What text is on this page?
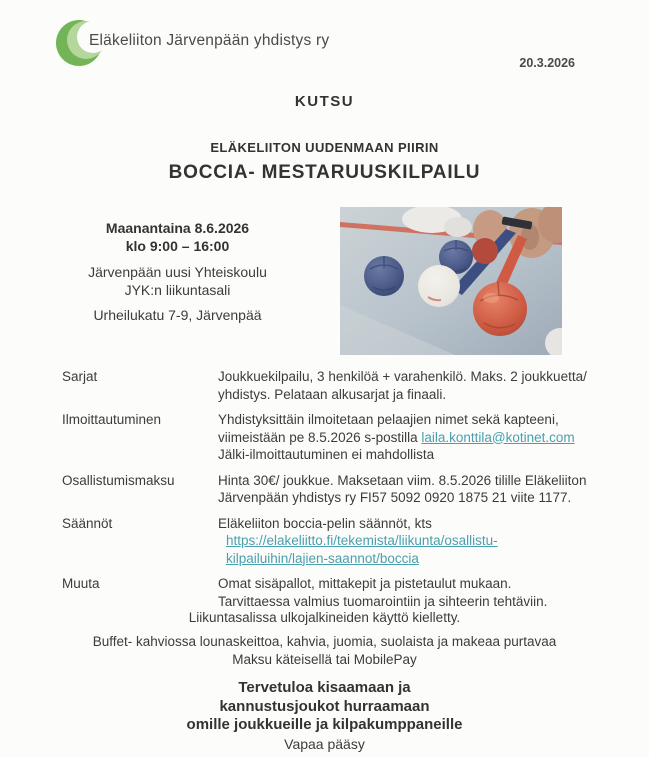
Eläkeliiton Järvenpään yhdistys ry
20.3.2026
KUTSU
ELÄKELIITON UUDENMAAN PIIRIN
BOCCIA- MESTARUUSKILPAILU
Maanantaina 8.6.2026
klo 9:00 – 16:00
Järvenpään uusi Yhteiskoulu
JYK:n liikuntasali
Urheilukatu 7-9, Järvenpää
Sarjat	Joukkuekilpailu, 3 henkilöä + varahenkilö. Maks. 2 joukkuetta/
yhdistys. Pelataan alkusarjat ja finaali.
Ilmoittautuminen	Yhdistyksittäin ilmoitetaan pelaajien nimet sekä kapteeni,
viimeistään pe 8.5.2026 s-postilla laila.konttila@kotinet.com
Jälki-ilmoittautuminen ei mahdollista
Osallistumismaksu	Hinta 30€/ joukkue. Maksetaan viim. 8.5.2026 tilille Eläkeliiton
Järvenpään yhdistys ry FI57 5092 0920 1875 21 viite 1177.
Säännöt	Eläkeliiton boccia-pelin säännöt, kts
https://elakeliitto.fi/tekemista/liikunta/osallistu-
kilpailuihin/lajien-saannot/boccia
Muuta	Omat sisäpallot, mittakepit ja pistetaulut mukaan.
Tarvittaessa valmius tuomarointiin ja sihteerin tehtäviin.
Liikuntasalissa ulkojalkineiden käyttö kielletty.
Buffet- kahviossa lounaskeittoa, kahvia, juomia, suolaista ja makeaa purtavaa
Maksu käteisellä tai MobilePay
Tervetuloa kisaamaan ja
kannustusjoukot hurraamaan
omille joukkueille ja kilpakumppaneille
Vapaa pääsy
